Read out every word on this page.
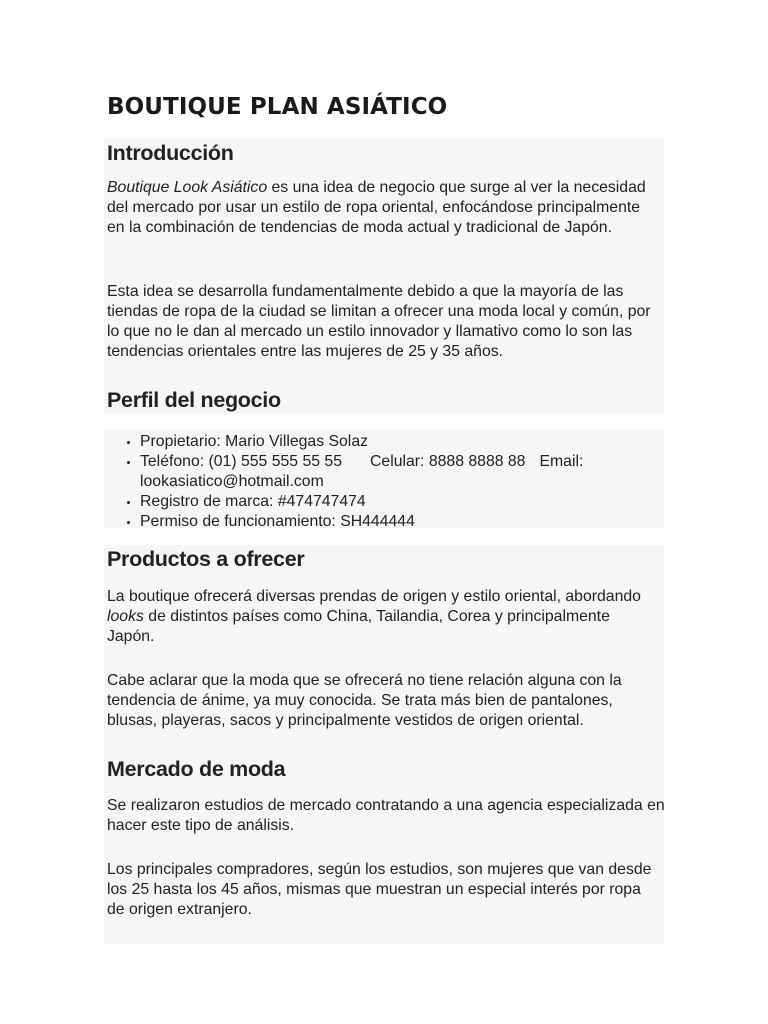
BOUTIQUE PLAN ASIÁTICO
Introducción

Boutique Look Asiático es una idea de negocio que surge al ver la necesidad del mercado por usar un estilo de ropa oriental, enfocándose principalmente en la combinación de tendencias de moda actual y tradicional de Japón.

Esta idea se desarrolla fundamentalmente debido a que la mayoría de las tiendas de ropa de la ciudad se limitan a ofrecer una moda local y común, por lo que no le dan al mercado un estilo innovador y llamativo como lo son las tendencias orientales entre las mujeres de 25 y 35 años.

Perfil del negocio
• Propietario: Mario Villegas Solaz
• Teléfono: (01) 555 555 55 55 Celular: 8888 8888 88 Email: lookasiatico@hotmail.com
• Registro de marca: #474747474
• Permiso de funcionamiento: SH444444
Productos a ofrecer

La boutique ofrecerá diversas prendas de origen y estilo oriental, abordando looks de distintos países como China, Tailandia, Corea y principalmente Japón.

Cabe aclarar que la moda que se ofrecerá no tiene relación alguna con la tendencia de ánime, ya muy conocida. Se trata más bien de pantalones, blusas, playeras, sacos y principalmente vestidos de origen oriental.

Mercado de moda

Se realizaron estudios de mercado contratando a una agencia especializada en hacer este tipo de análisis.

Los principales compradores, según los estudios, son mujeres que van desde los 25 hasta los 45 años, mismas que muestran un especial interés por ropa de origen extranjero.
